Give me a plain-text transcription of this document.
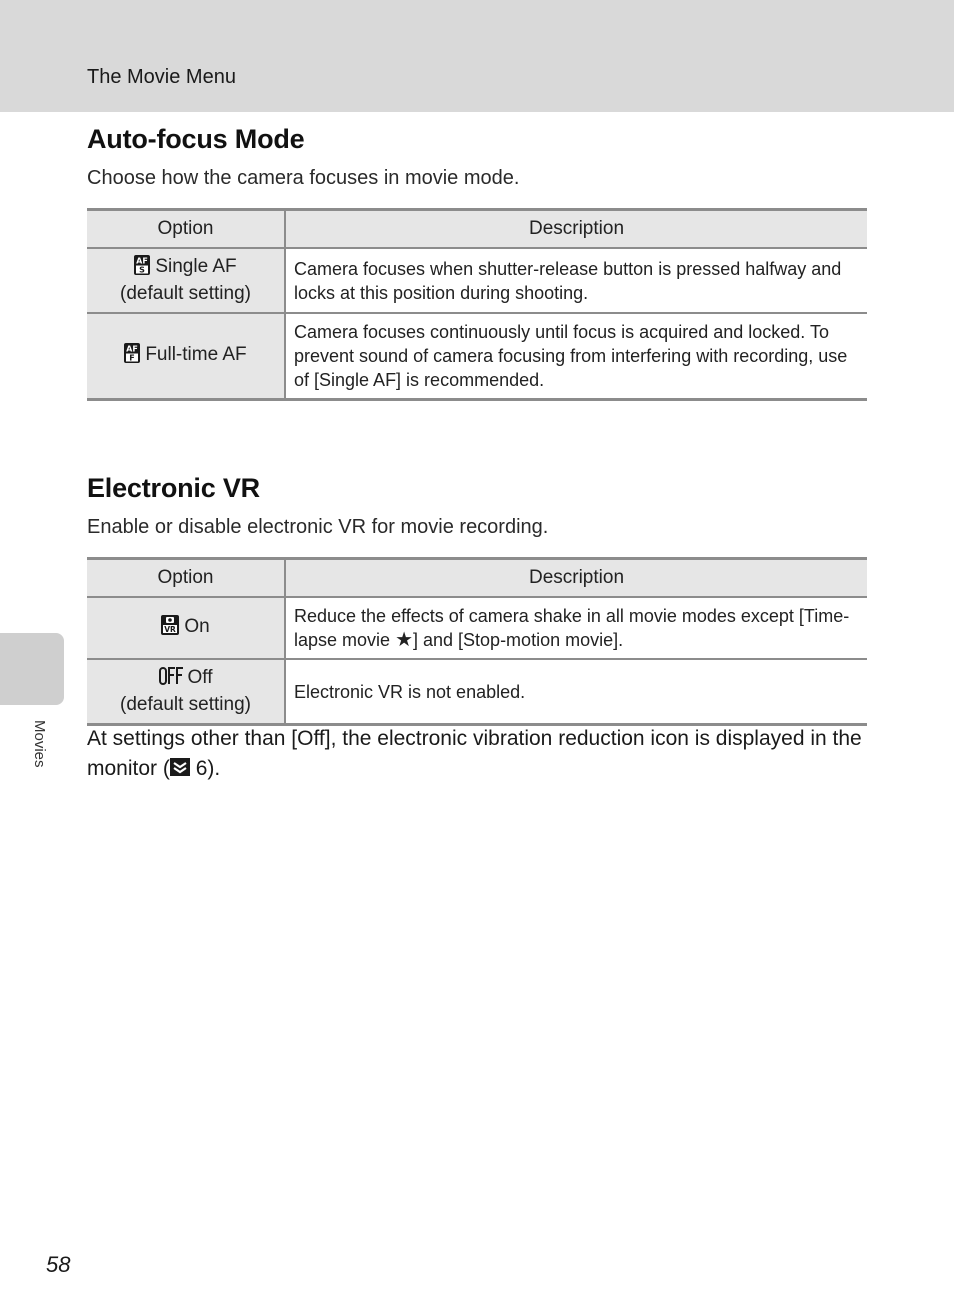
The Movie Menu
Auto-focus Mode

Choose how the camera focuses in movie mode.

Option	Description

AF
S Single AF
(default setting)	Camera focuses when shutter-release button is pressed halfway and locks at this position during shooting.

AF
F Full-time AF	Camera focuses continuously until focus is acquired and locked. To prevent sound of camera focusing from interfering with recording, use of [Single AF] is recommended.
Electronic VR

Enable or disable electronic VR for movie recording.

Option	Description

VR On	Reduce the effects of camera shake in all movie modes except [Time-lapse movie ★] and [Stop-motion movie].
Off
(default setting)	Electronic VR is not enabled.

At settings other than [Off], the electronic vibration reduction icon is displayed in the monitor ( 6).

Movies
58
